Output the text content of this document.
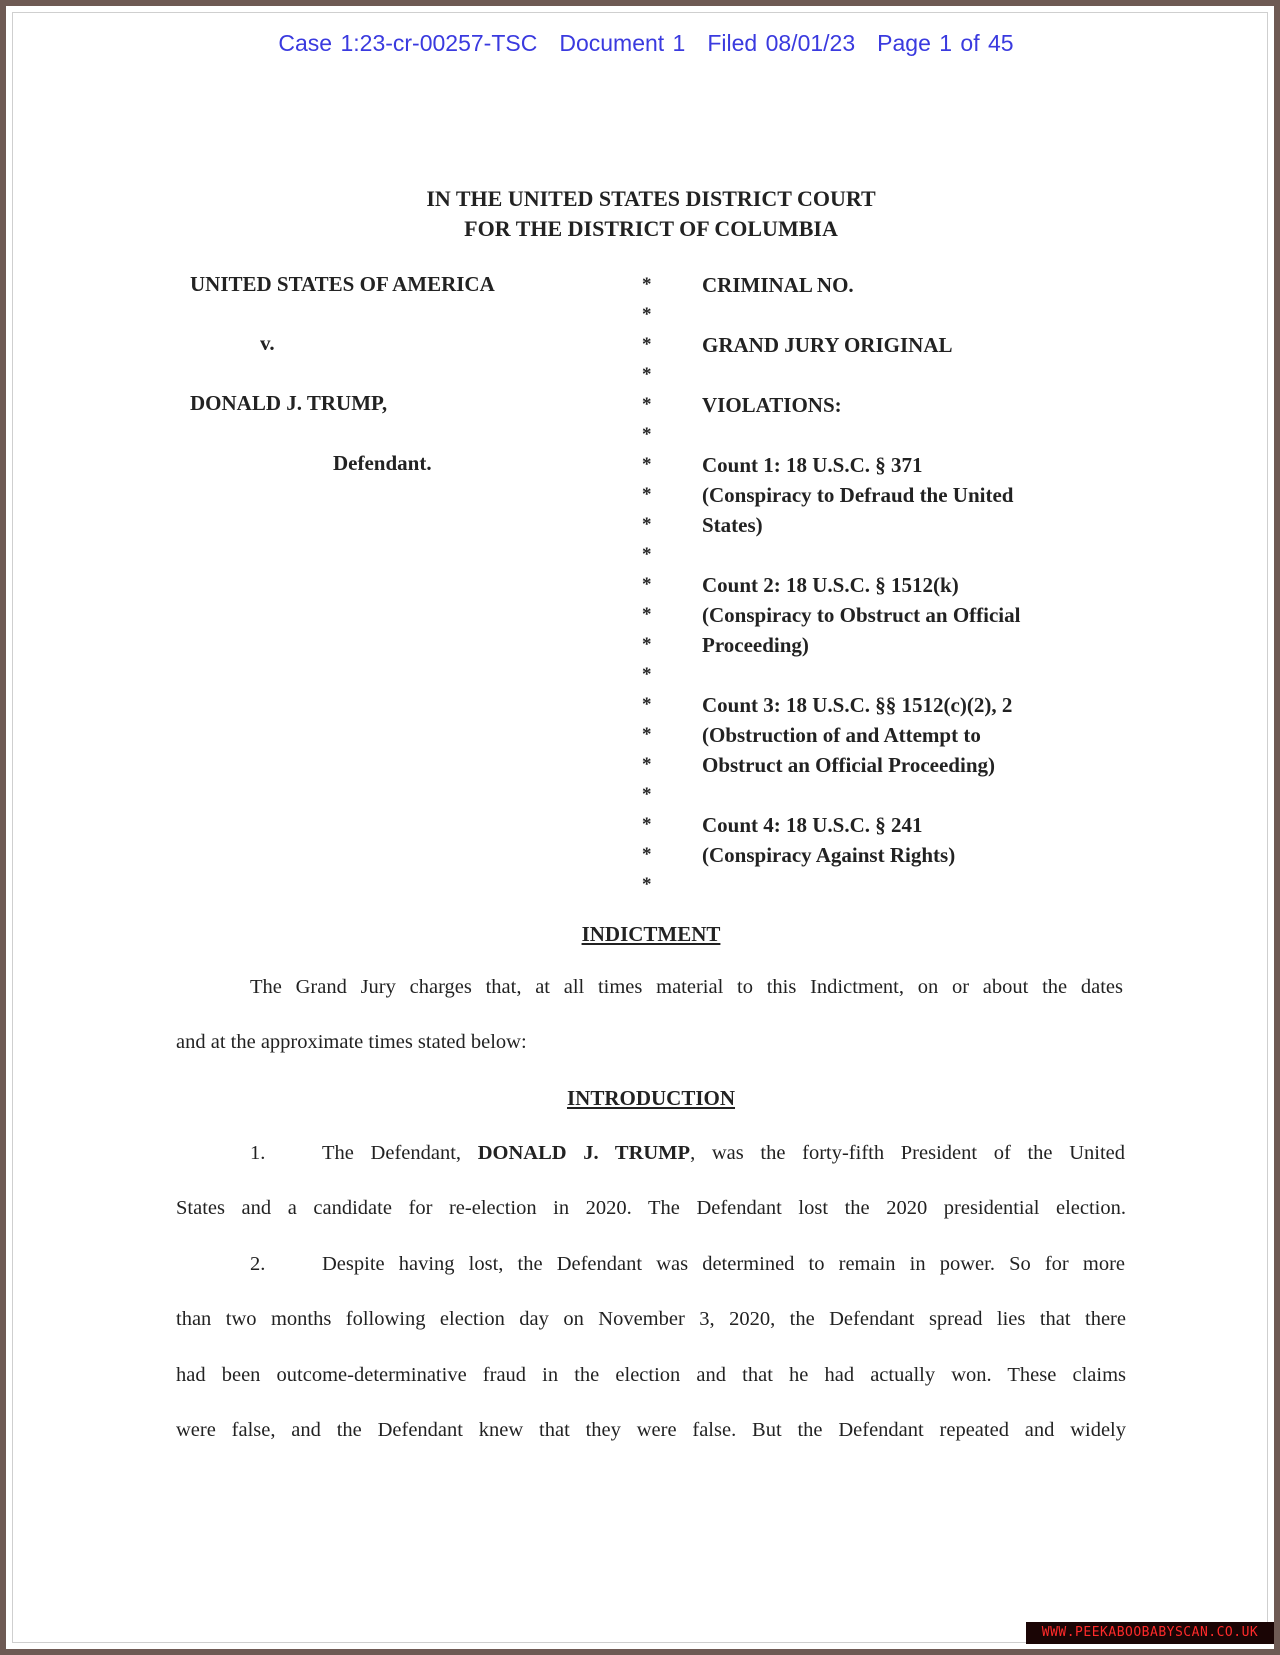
Case 1:23-cr-00257-TSC Document 1 Filed 08/01/23 Page 1 of 45
IN THE UNITED STATES DISTRICT COURT
FOR THE DISTRICT OF COLUMBIA
UNITED STATES OF AMERICA
v.
DONALD J. TRUMP,
Defendant.
*
*
*
*
*
*
*
*
*
*
*
*
*
*
*
*
*
*
*
*
*
CRIMINAL NO.
GRAND JURY ORIGINAL
VIOLATIONS:
Count 1: 18 U.S.C. § 371
(Conspiracy to Defraud the United
States)
Count 2: 18 U.S.C. § 1512(k)
(Conspiracy to Obstruct an Official
Proceeding)
Count 3: 18 U.S.C. §§ 1512(c)(2), 2
(Obstruction of and Attempt to
Obstruct an Official Proceeding)
Count 4: 18 U.S.C. § 241
(Conspiracy Against Rights)
INDICTMENT
The Grand Jury charges that, at all times material to this Indictment, on or about the dates
and at the approximate times stated below:
INTRODUCTION
1.	The Defendant, DONALD J. TRUMP, was the forty-fifth President of the United
States and a candidate for re-election in 2020. The Defendant lost the 2020 presidential election.
2.	Despite having lost, the Defendant was determined to remain in power. So for more
than two months following election day on November 3, 2020, the Defendant spread lies that there
had been outcome-determinative fraud in the election and that he had actually won. These claims
were false, and the Defendant knew that they were false. But the Defendant repeated and widely
WWW.PEEKABOOBABYSCAN.CO.UK
